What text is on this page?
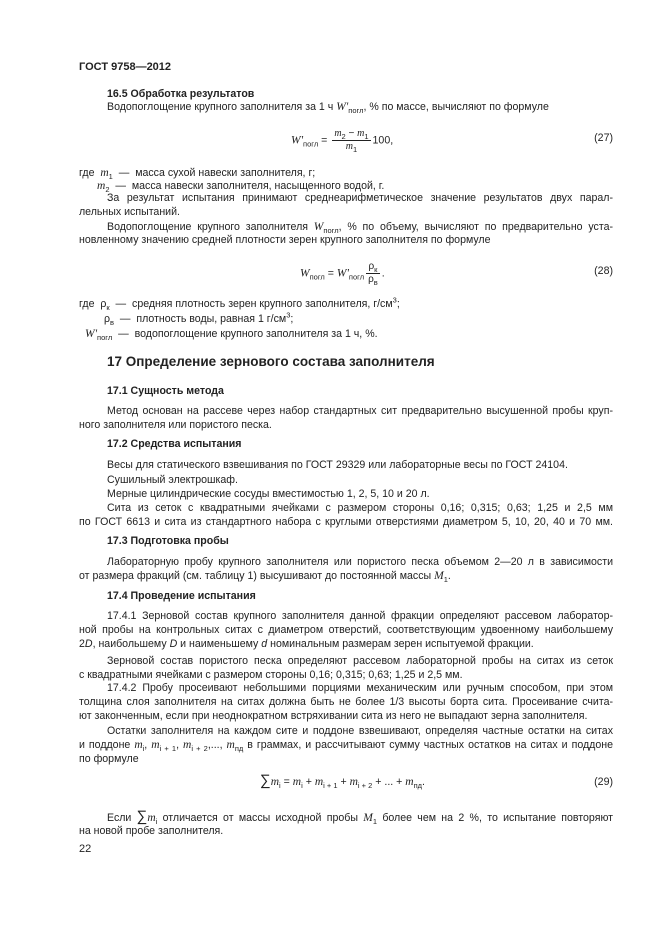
ГОСТ 9758—2012
16.5 Обработка результатов
Водопоглощение крупного заполнителя за 1 ч $W'_{погл}$, % по массе, вычисляют по формуле
$W'_{погл} = \frac{m_2 - m_1}{m_1} 100$,	(27)
где  $m_1$  —  масса сухой навески заполнителя, г;
$m_2$  —  масса навески заполнителя, насыщенного водой, г.
За результат испытания принимают среднеарифметическое значение результатов двух парал-
лельных испытаний.
Водопоглощение крупного заполнителя $W_{погл}$, % по объему, вычисляют по предварительно уста-
новленному значению средней плотности зерен крупного заполнителя по формуле
$W_{погл} = W'_{погл} \frac{\rho_к}{\rho_в}$ .	(28)
где  $\rho_к$  —  средняя плотность зерен крупного заполнителя, $г/см^3$;
$\rho_в$  —  плотность воды, равная 1 $г/см^3$;
$W'_{погл}$  —  водопоглощение крупного заполнителя за 1 ч, %.
17 Определение зернового состава заполнителя
17.1 Сущность метода
Метод основан на рассеве через набор стандартных сит предварительно высушенной пробы круп-
ного заполнителя или пористого песка.
17.2 Средства испытания
Весы для статического взвешивания по ГОСТ 29329 или лабораторные весы по ГОСТ 24104.
Сушильный электрошкаф.
Мерные цилиндрические сосуды вместимостью 1, 2, 5, 10 и 20 л.
Сита из сеток с квадратными ячейками с размером стороны 0,16; 0,315; 0,63; 1,25 и 2,5 мм
по ГОСТ 6613 и сита из стандартного набора с круглыми отверстиями диаметром 5, 10, 20, 40 и 70 мм.
17.3 Подготовка пробы
Лабораторную пробу крупного заполнителя или пористого песка объемом 2—20 л в зависимости
от размера фракций (см. таблицу 1) высушивают до постоянной массы $M_1$.
17.4 Проведение испытания
17.4.1 Зерновой состав крупного заполнителя данной фракции определяют рассевом лаборатор-
ной пробы на контрольных ситах с диаметром отверстий, соответствующим удвоенному наибольшему
2D, наибольшему D и наименьшему d номинальным размерам зерен испытуемой фракции.
Зерновой состав пористого песка определяют рассевом лабораторной пробы на ситах из сеток
с квадратными ячейками с размером стороны 0,16; 0,315; 0,63; 1,25 и 2,5 мм.
17.4.2 Пробу просеивают небольшими порциями механическим или ручным способом, при этом
толщина слоя заполнителя на ситах должна быть не более 1/3 высоты борта сита. Просеивание счита-
ют законченным, если при неоднократном встряхивании сита из него не выпадают зерна заполнителя.
Остатки заполнителя на каждом сите и поддоне взвешивают, определяя частные остатки на ситах
и поддоне $m_i$, $m_{i + 1}$, $m_{i + 2}$,..., $m_{пд}$ в граммах, и рассчитывают сумму частных остатков на ситах и поддоне
по формуле
$\sum m_i = m_i + m_{i + 1} + m_{i + 2}$ + ... + $m_{пд}$.	(29)
Если $\sum m_i$ отличается от массы исходной пробы $M_1$ более чем на 2 %, то испытание повторяют
на новой пробе заполнителя.
22
